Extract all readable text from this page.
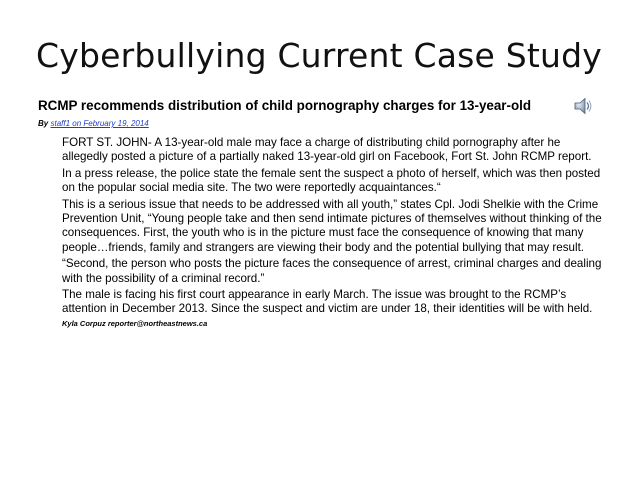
Cyberbullying Current Case Study
RCMP recommends distribution of child pornography charges for 13-year-old
By staff1 on February 19, 2014

FORT ST. JOHN- A 13-year-old male may face a charge of distributing child pornography after he allegedly posted a picture of a partially naked 13-year-old girl on Facebook, Fort St. John RCMP report.

In a press release, the police state the female sent the suspect a photo of herself, which was then posted on the popular social media site. The two were reportedly acquaintances.“

This is a serious issue that needs to be addressed with all youth,” states Cpl. Jodi Shelkie with the Crime Prevention Unit, “Young people take and then send intimate pictures of themselves without thinking of the consequences. First, the youth who is in the picture must face the consequence of knowing that many people…friends, family and strangers are viewing their body and the potential bullying that may result.

“Second, the person who posts the picture faces the consequence of arrest, criminal charges and dealing with the possibility of a criminal record.”

The male is facing his first court appearance in early March. The issue was brought to the RCMP’s attention in December 2013. Since the suspect and victim are under 18, their identities will be with held.

Kyla Corpuz reporter@northeastnews.ca
